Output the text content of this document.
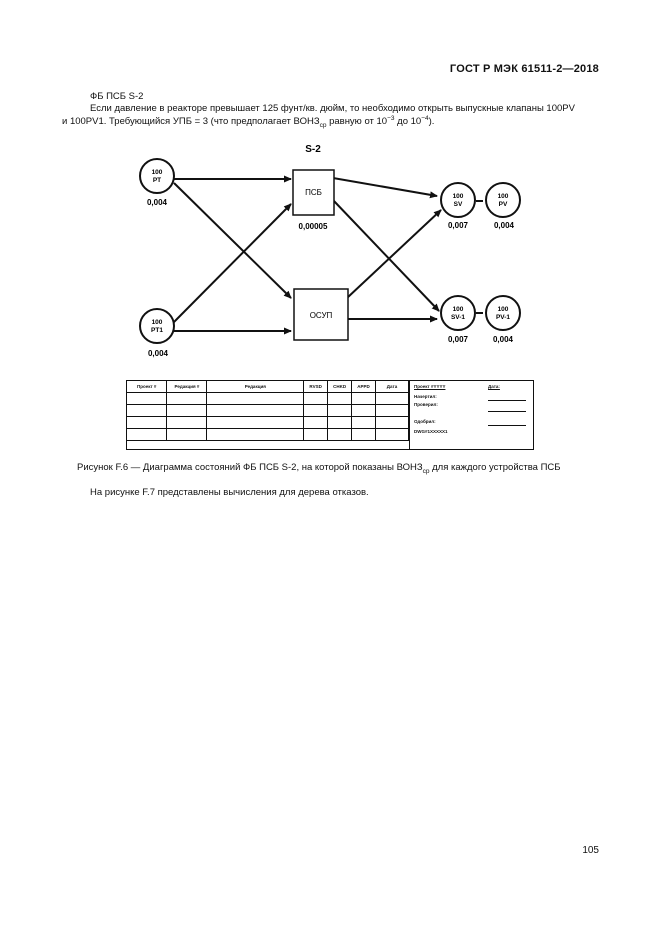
ГОСТ Р МЭК 61511-2—2018
ФБ ПСБ S-2
Если давление в реакторе превышает 125 фунт/кв. дюйм, то необходимо открыть выпускные клапаны 100PV
и 100PV1. Требующийся УПБ = 3 (что предполагает $ВОНЗ_{ср}$ равную от $10^{-3}$ до $10^{-4}$).
S-2
100
PT
0,004
100
PT1
0,004
ПСБ
0,00005
ОСУП
100
SV
0,007
100
PV
0,004
100
SV-1
0,007
100
PV-1
0,004
Проект #	Редакция #	Редакция	RVSD	CHKD	APPD	Дата

							Проект #YYYY	Дата:
Начертил:
Проверил:
Одобрил:
DWG#1XXXXX1
Рисунок F.6 — Диаграмма состояний ФБ ПСБ S-2, на которой показаны $ВОНЗ_{ср}$ для каждого устройства ПСБ
На рисунке F.7 представлены вычисления для дерева отказов.
105
